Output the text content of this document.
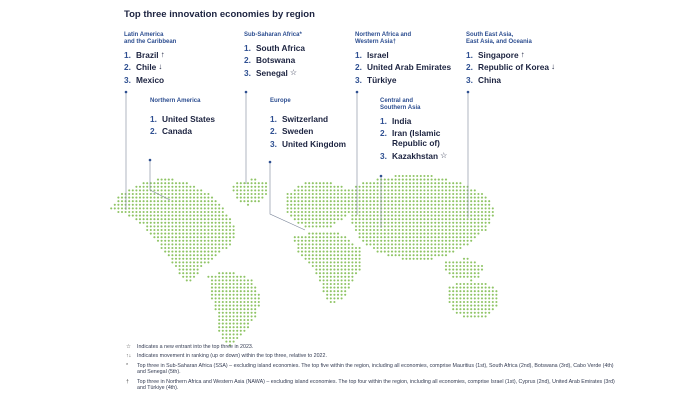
Top three innovation economies by region
Latin America
and the Caribbean
1. Brazil ↑
2. Chile ↓
3. Mexico
Sub-Saharan Africa*
1. South Africa
2. Botswana
3. Senegal ☆
Northern Africa and
Western Asia†
1. Israel
2. United Arab Emirates
3. Türkiye
South East Asia,
East Asia, and Oceania
1. Singapore ↑
2. Republic of Korea ↓
3. China
Northern America
1. United States
2. Canada
Europe
1. Switzerland
2. Sweden
3. United Kingdom
Central and
Southern Asia
1. India
2. Iran (Islamic
Republic of)
3. Kazakhstan ☆
☆	Indicates a new entrant into the top three in 2023.
↑↓	Indicates movement in ranking (up or down) within the top three, relative to 2022.
*	Top three in Sub-Saharan Africa (SSA) – excluding island economies. The top five within the region, including all economies, comprise Mauritius (1st), South Africa (2nd), Botswana (3rd), Cabo Verde (4th) and Senegal (5th).
†	Top three in Northern Africa and Western Asia (NAWA) – excluding island economies. The top four within the region, including all economies, comprise Israel (1st), Cyprus (2nd), United Arab Emirates (3rd) and Türkiye (4th).
